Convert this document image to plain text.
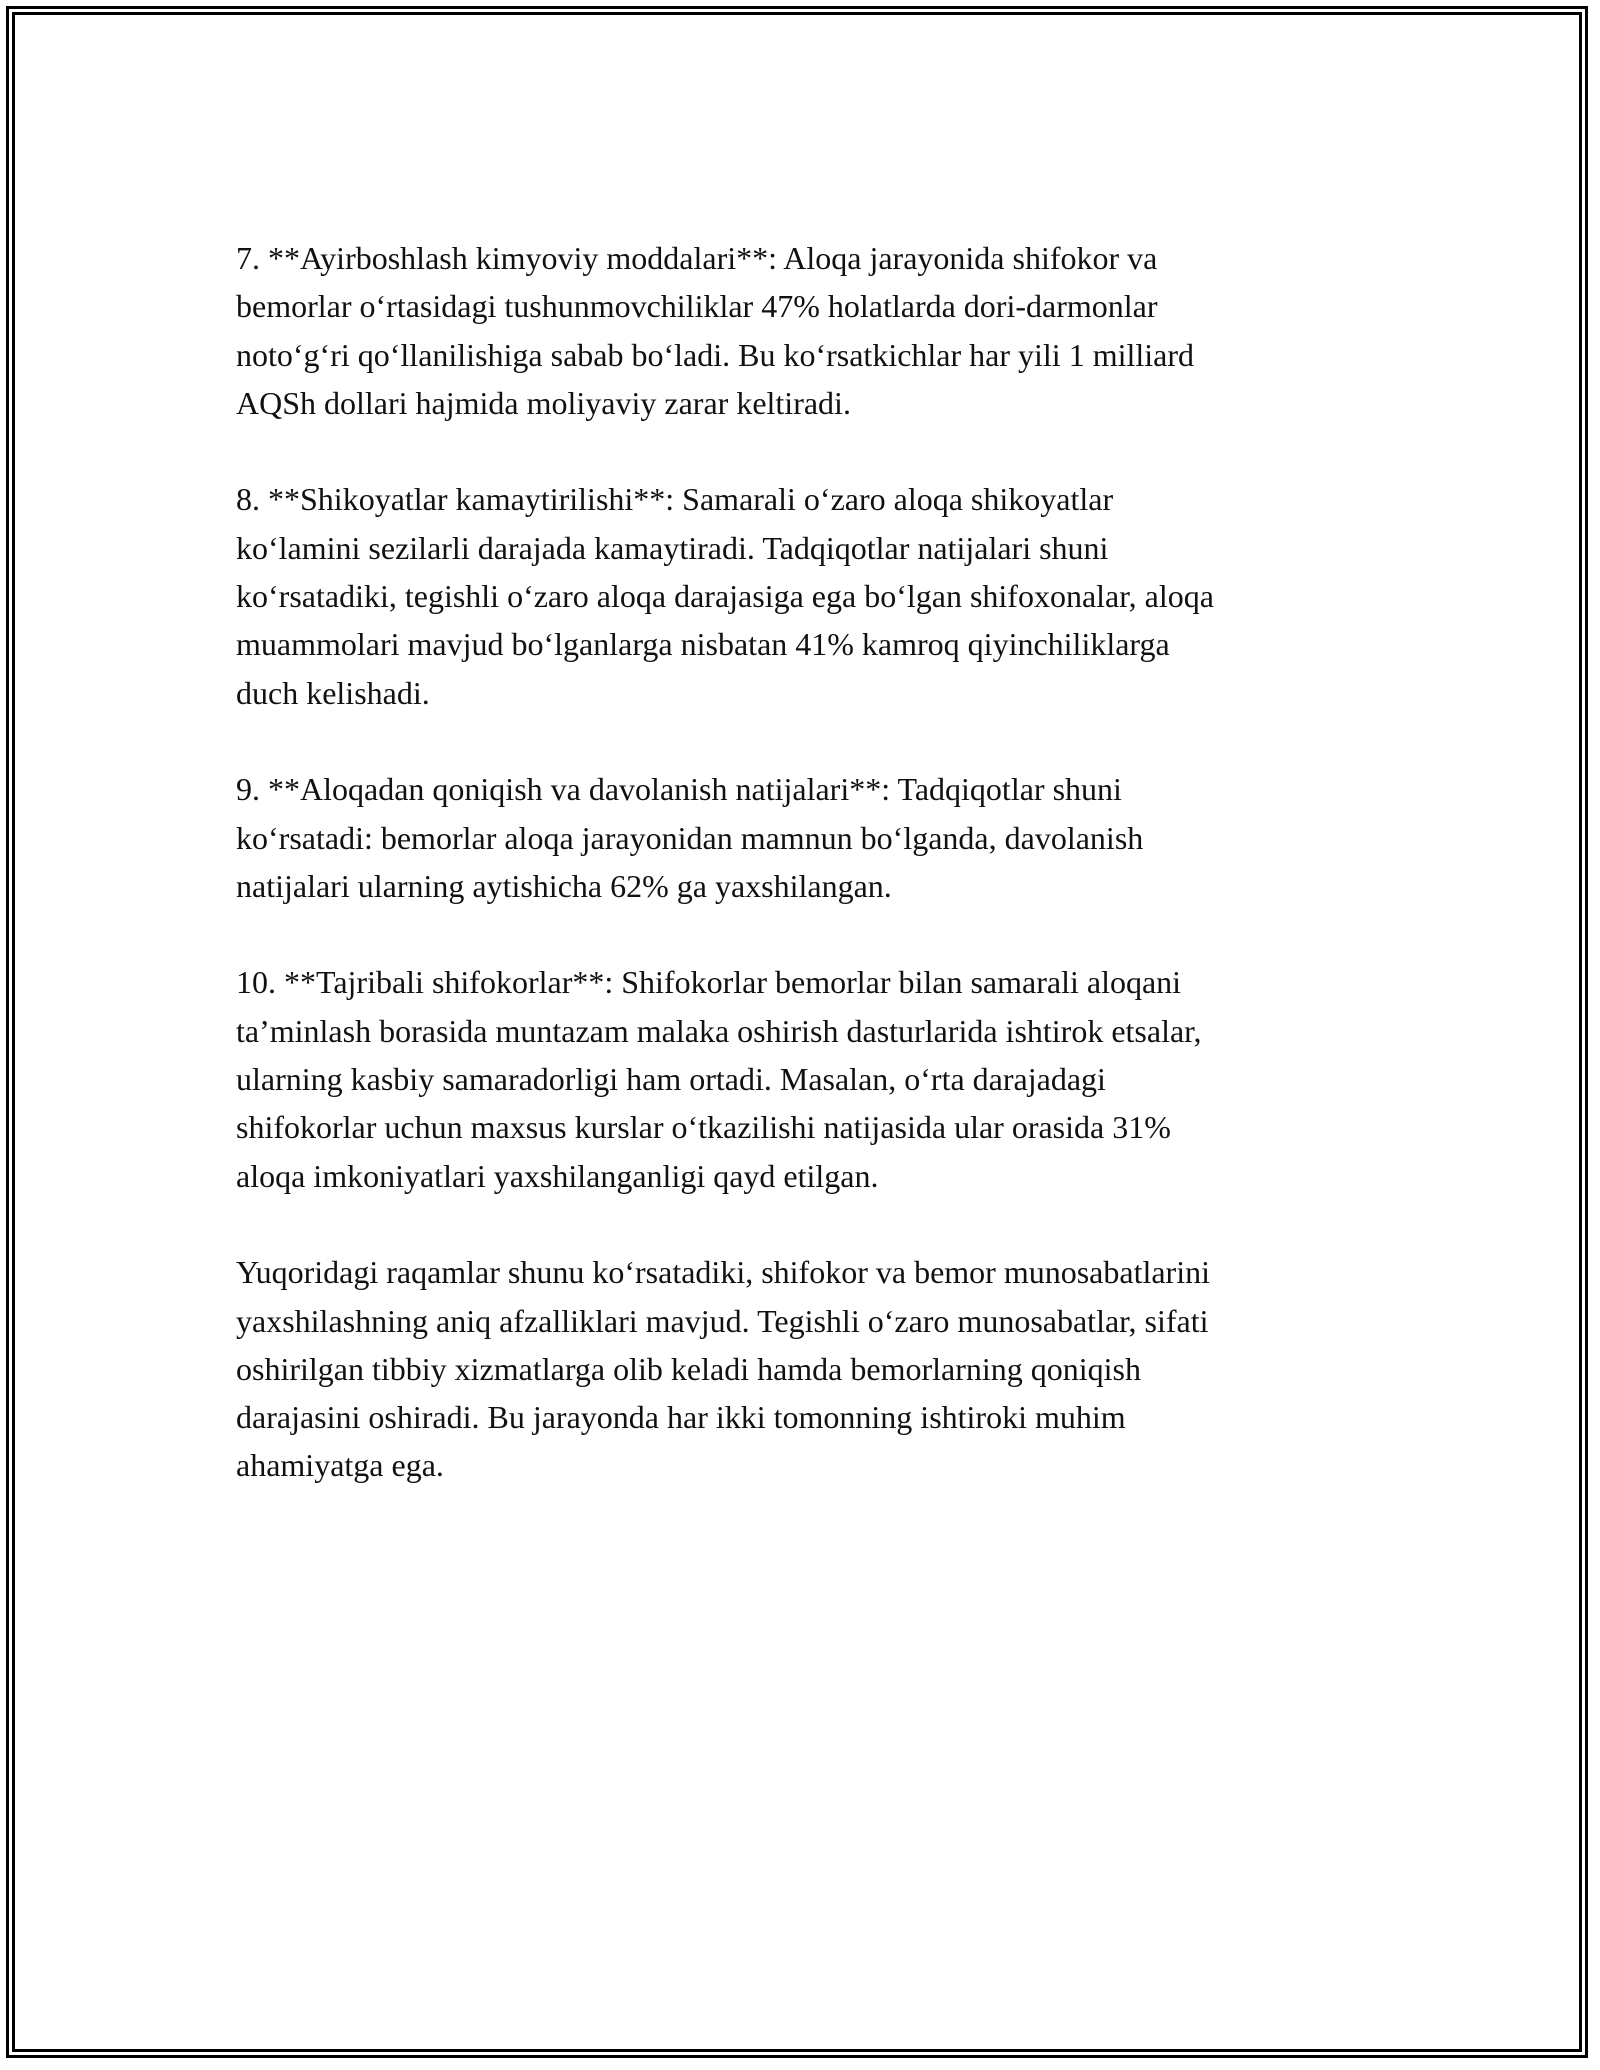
7. **Ayirboshlash kimyoviy moddalari**: Aloqa jarayonida shifokor va
bemorlar oʻrtasidagi tushunmovchiliklar 47% holatlarda dori-darmonlar
notoʻgʻri qoʻllanilishiga sabab boʻladi. Bu koʻrsatkichlar har yili 1 milliard
AQSh dollari hajmida moliyaviy zarar keltiradi.

8. **Shikoyatlar kamaytirilishi**: Samarali oʻzaro aloqa shikoyatlar
koʻlamini sezilarli darajada kamaytiradi. Tadqiqotlar natijalari shuni
koʻrsatadiki, tegishli oʻzaro aloqa darajasiga ega boʻlgan shifoxonalar, aloqa
muammolari mavjud boʻlganlarga nisbatan 41% kamroq qiyinchiliklarga
duch kelishadi.

9. **Aloqadan qoniqish va davolanish natijalari**: Tadqiqotlar shuni
koʻrsatadi: bemorlar aloqa jarayonidan mamnun boʻlganda, davolanish
natijalari ularning aytishicha 62% ga yaxshilangan.

10. **Tajribali shifokorlar**: Shifokorlar bemorlar bilan samarali aloqani
taʼminlash borasida muntazam malaka oshirish dasturlarida ishtirok etsalar,
ularning kasbiy samaradorligi ham ortadi. Masalan, oʻrta darajadagi
shifokorlar uchun maxsus kurslar oʻtkazilishi natijasida ular orasida 31%
aloqa imkoniyatlari yaxshilanganligi qayd etilgan.

Yuqoridagi raqamlar shunu koʻrsatadiki, shifokor va bemor munosabatlarini
yaxshilashning aniq afzalliklari mavjud. Tegishli oʻzaro munosabatlar, sifati
oshirilgan tibbiy xizmatlarga olib keladi hamda bemorlarning qoniqish
darajasini oshiradi. Bu jarayonda har ikki tomonning ishtiroki muhim
ahamiyatga ega.
